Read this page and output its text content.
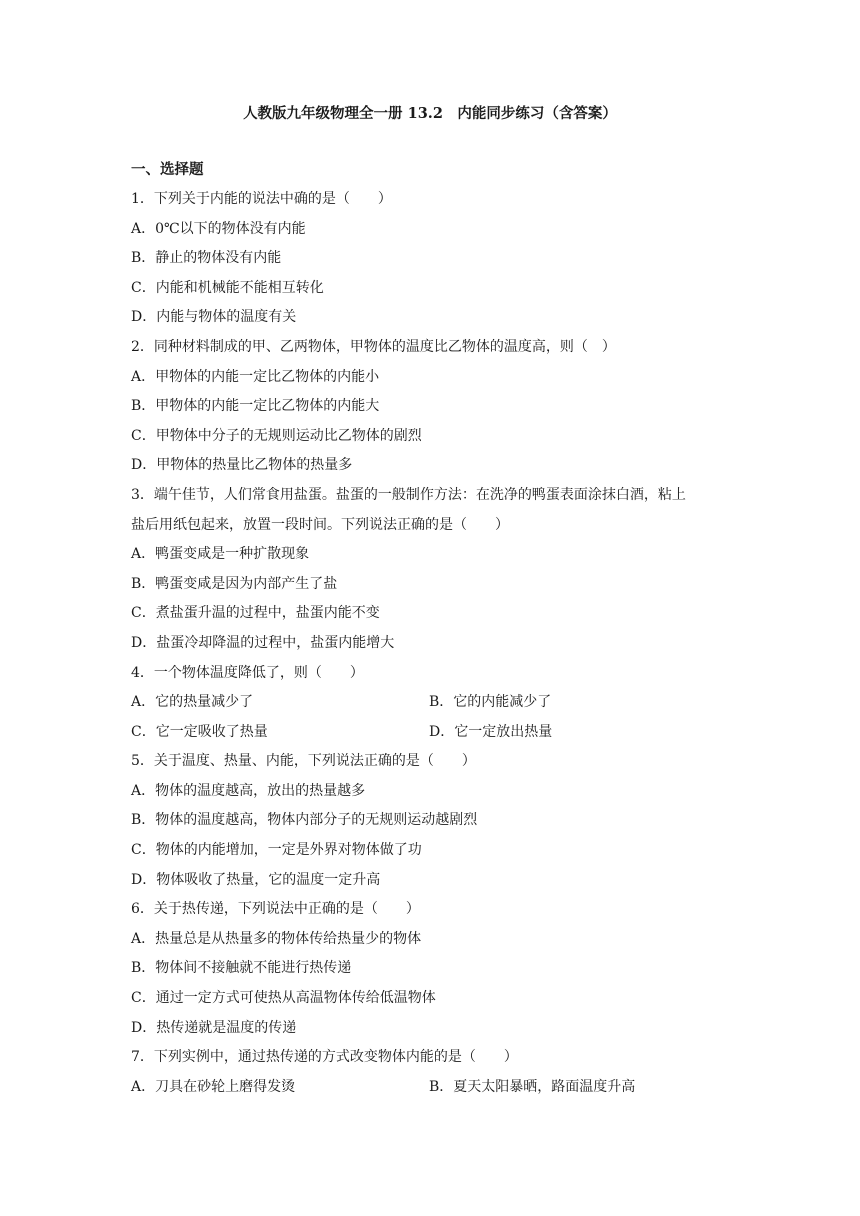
人教版九年级物理全一册 13.2　内能同步练习（含答案）
一、选择题
1．下列关于内能的说法中确的是（　　）
A．0℃以下的物体没有内能
B．静止的物体没有内能
C．内能和机械能不能相互转化
D．内能与物体的温度有关
2．同种材料制成的甲、乙两物体，甲物体的温度比乙物体的温度高，则（　）
A．甲物体的内能一定比乙物体的内能小
B．甲物体的内能一定比乙物体的内能大
C．甲物体中分子的无规则运动比乙物体的剧烈
D．甲物体的热量比乙物体的热量多
3．端午佳节，人们常食用盐蛋。盐蛋的一般制作方法：在洗净的鸭蛋表面涂抹白酒，粘上
盐后用纸包起来，放置一段时间。下列说法正确的是（　　）
A．鸭蛋变咸是一种扩散现象
B．鸭蛋变咸是因为内部产生了盐
C．煮盐蛋升温的过程中，盐蛋内能不变
D．盐蛋冷却降温的过程中，盐蛋内能增大
4．一个物体温度降低了，则（　　）
A．它的热量减少了	B．它的内能减少了
C．它一定吸收了热量	D．它一定放出热量
5．关于温度、热量、内能，下列说法正确的是（　　）
A．物体的温度越高，放出的热量越多
B．物体的温度越高，物体内部分子的无规则运动越剧烈
C．物体的内能增加，一定是外界对物体做了功
D．物体吸收了热量，它的温度一定升高
6．关于热传递，下列说法中正确的是（　　）
A．热量总是从热量多的物体传给热量少的物体
B．物体间不接触就不能进行热传递
C．通过一定方式可使热从高温物体传给低温物体
D．热传递就是温度的传递
7．下列实例中，通过热传递的方式改变物体内能的是（　　）
A．刀具在砂轮上磨得发烫	B．夏天太阳暴晒，路面温度升高
